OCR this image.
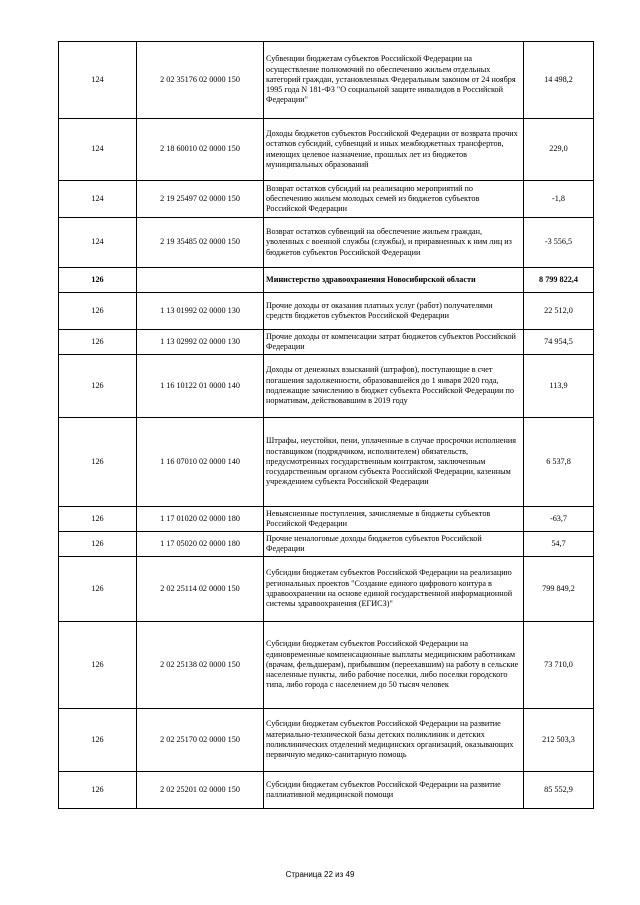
124	2 02 35176 02 0000 150	Субвенции бюджетам субъектов Российской Федерации на осуществление полномочий по обеспечению жильем отдельных категорий граждан, установленных Федеральным законом от 24 ноября 1995 года N 181-ФЗ "О социальной защите инвалидов в Российской Федерации"	14 498,2
124	2 18 60010 02 0000 150	Доходы бюджетов субъектов Российской Федерации от возврата прочих остатков субсидий, субвенций и иных межбюджетных трансфертов, имеющих целевое назначение, прошлых лет из бюджетов муниципальных образований	229,0
124	2 19 25497 02 0000 150	Возврат остатков субсидий на реализацию мероприятий по обеспечению жильем молодых семей из бюджетов субъектов Российской Федерации	-1,8
124	2 19 35485 02 0000 150	Возврат остатков субвенций на обеспечение жильем граждан, уволенных с военной службы (службы), и приравненных к ним лиц из бюджетов субъектов Российской Федерации	-3 556,5
126		Министерство здравоохранения Новосибирской области	8 799 822,4
126	1 13 01992 02 0000 130	Прочие доходы от оказания платных услуг (работ) получателями средств бюджетов субъектов Российской Федерации	22 512,0
126	1 13 02992 02 0000 130	Прочие доходы от компенсации затрат бюджетов субъектов Российской Федерации	74 954,5
126	1 16 10122 01 0000 140	Доходы от денежных взысканий (штрафов), поступающие в счет погашения задолженности, образовавшейся до 1 января 2020 года, подлежащие зачислению в бюджет субъекта Российской Федерации по нормативам, действовавшим в 2019 году	113,9
126	1 16 07010 02 0000 140	Штрафы, неустойки, пени, уплаченные в случае просрочки исполнения поставщиком (подрядчиком, исполнителем) обязательств, предусмотренных государственным контрактом, заключенным государственным органом субъекта Российской Федерации, казенным учреждением субъекта Российской Федерации	6 537,8
126	1 17 01020 02 0000 180	Невыясненные поступления, зачисляемые в бюджеты субъектов Российской Федерации	-63,7
126	1 17 05020 02 0000 180	Прочие неналоговые доходы бюджетов субъектов Российской Федерации	54,7
126	2 02 25114 02 0000 150	Субсидии бюджетам субъектов Российской Федерации на реализацию региональных проектов "Создание единого цифрового контура в здравоохранении на основе единой государственной информационной системы здравоохранения (ЕГИСЗ)"	799 849,2
126	2 02 25138 02 0000 150	Субсидии бюджетам субъектов Российской Федерации на единовременные компенсационные выплаты медицинским работникам (врачам, фельдшерам), прибывшим (переехавшим) на работу в сельские населенные пункты, либо рабочие поселки, либо поселки городского типа, либо города с населением до 50 тысяч человек	73 710,0
126	2 02 25170 02 0000 150	Субсидии бюджетам субъектов Российской Федерации на развитие материально-технической базы детских поликлиник и детских поликлинических отделений медицинских организаций, оказывающих первичную медико-санитарную помощь	212 503,3
126	2 02 25201 02 0000 150	Субсидии бюджетам субъектов Российской Федерации на развитие паллиативной медицинской помощи	85 552,9
Страница 22 из 49
